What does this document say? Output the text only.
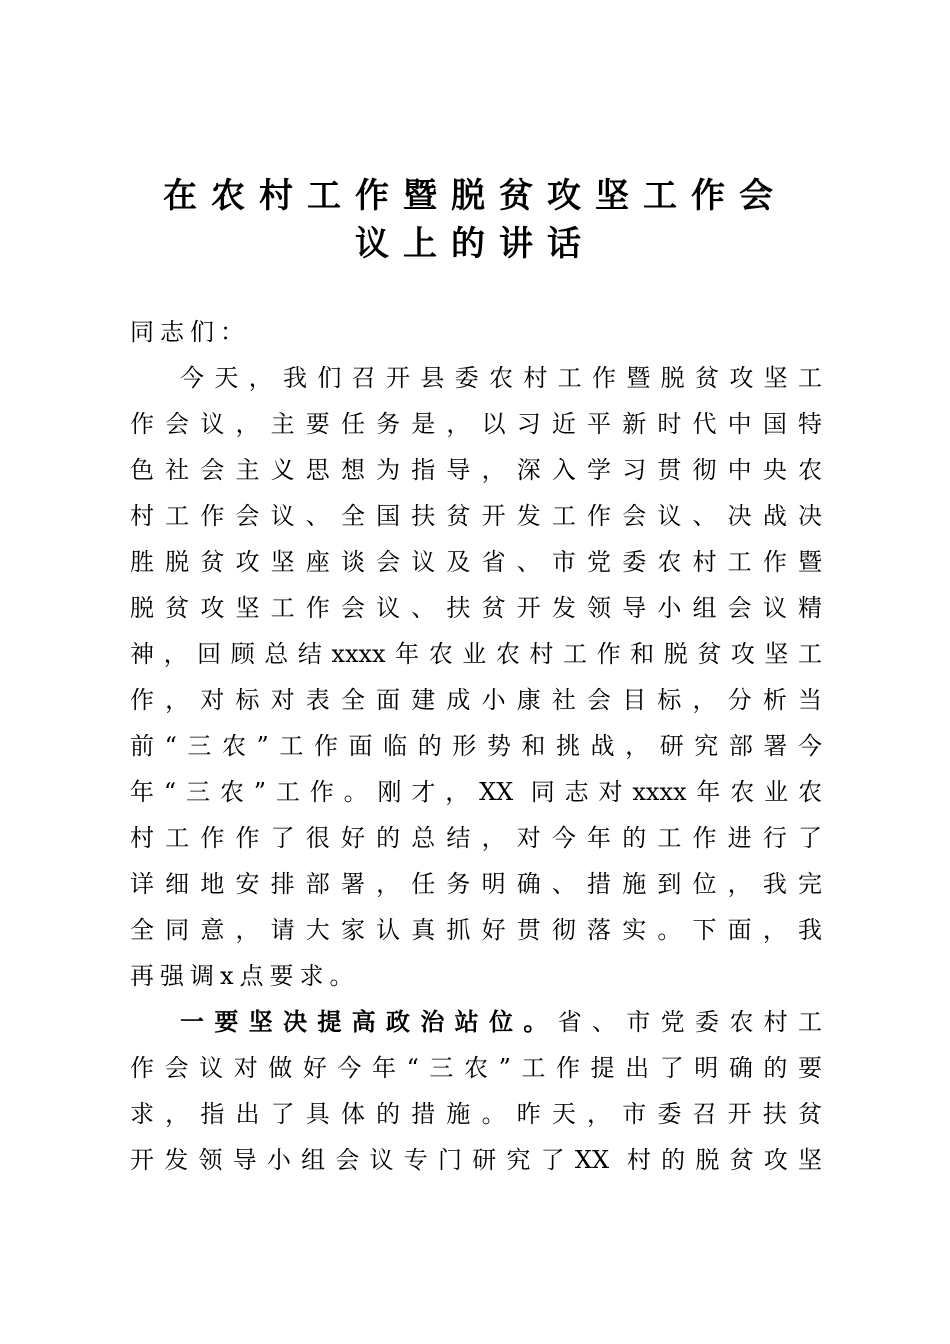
在农村工作暨脱贫攻坚工作会
议上的讲话
同志们：
今天，我们召开县委农村工作暨脱贫攻坚工
作会议，主要任务是，以习近平新时代中国特
色社会主义思想为指导，深入学习贯彻中央农
村工作会议、全国扶贫开发工作会议、决战决
胜脱贫攻坚座谈会议及省、市党委农村工作暨
脱贫攻坚工作会议、扶贫开发领导小组会议精
神，回顾总结xxxx年农业农村工作和脱贫攻坚工
作，对标对表全面建成小康社会目标，分析当
前“三农”工作面临的形势和挑战，研究部署今
年“三农”工作。刚才，XX 同志对xxxx年农业农
村工作作了很好的总结，对今年的工作进行了
详细地安排部署，任务明确、措施到位，我完
全同意，请大家认真抓好贯彻落实。下面，我
再强调x点要求。
一要坚决提高政治站位。省、市党委农村工
作会议对做好今年“三农”工作提出了明确的要
求，指出了具体的措施。昨天，市委召开扶贫
开发领导小组会议专门研究了XX 村的脱贫攻坚
